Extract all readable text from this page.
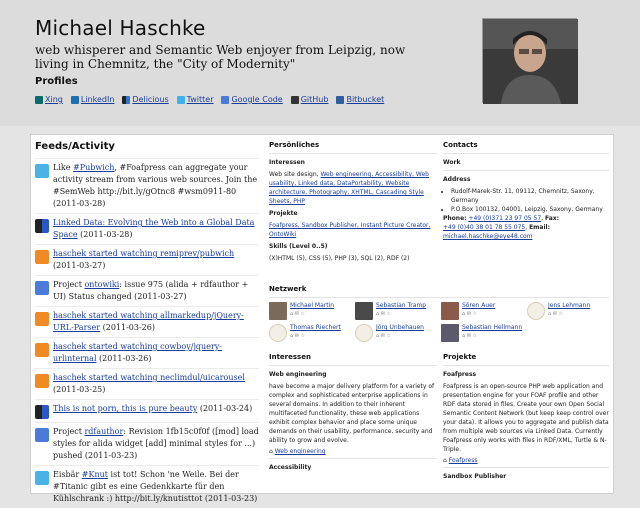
Michael Haschke
web whisperer and Semantic Web enjoyer from Leipzig, now living in Chemnitz, the "City of Modernity"
Profiles
Xing LinkedIn Delicious Twitter Google Code GitHub Bitbucket
Feeds/Activity
Like #Pubwich, #Foafpress can aggregate your activity stream from various web sources. Join the #SemWeb http://bit.ly/gOtnc8 #wsm0911-80 (2011-03-28)
Linked Data: Evolving the Web into a Global Data Space (2011-03-28)
haschek started watching remiprev/pubwich (2011-03-27)
Project ontowiki: issue 975 (alida + rdfauthor + UI) Status changed (2011-03-27)
haschek started watching allmarkedup/jQuery-URL-Parser (2011-03-26)
haschek started watching cowboy/jquery-urlinternal (2011-03-26)
haschek started watching neclimdul/uicarousel (2011-03-25)
This is not porn, this is pure beauty (2011-03-24)
Project rdfauthor: Revision 1fb15c0f0f ([mod] load styles for alida widget [add] minimal styles for ...) pushed (2011-03-23)
Eisbär #Knut ist tot! Schon 'ne Weile. Bei der #Titanic gibt es eine Gedenkkarte für den Kühlschrank :) http://bit.ly/knutisttot (2011-03-23)
Persönliches
Interessen
Web site design, Web engineering, Accessibility, Web usability, Linked data, DataPortability, Website architecture, Photography, XHTML, Cascading Style Sheets, PHP
Projekte
Foafpress, Sandbox Publisher, Instant Picture Creator, OntoWiki
Skills (Level 0..5)
(X)HTML (5), CSS (5), PHP (3), SQL (2), RDF (2)
Contacts
Work
Address
• Rudolf-Marek-Str. 11, 09112, Chemnitz, Saxony, Germany
• P.O.Box 100132, 04001, Leipzig, Saxony, Germany
Phone: +49 (0)371 23 97 05 57, Fax:
+49 (0)40 38 01 78 55 075, Email:
michael.haschke@eye48.com
Netzwerk
Michael Martin
⌂ ✉ ☆
Sebastian Tramp
⌂ ✉ ☆
Sören Auer
⌂ ✉ ☆
Jens Lehmann
⌂ ✉ ☆
Thomas Riechert
⌂ ✉ ☆
Jörg Unbehauen
⌂ ✉ ☆
Sebastian Hellmann
⌂ ✉ ☆
Interessen
Web engineering
have become a major delivery platform for a variety of complex and sophisticated enterprise applications in several domains. In addition to their inherent multifaceted functionality, these web applications exhibit complex behavior and place some unique demands on their usability, performance, security and ability to grow and evolve.
⌂ Web engineering
Accessibility
Projekte
Foafpress
Foafpress is an open-source PHP web application and presentation engine for your FOAF profile and other RDF data stored in files. Create your own Open Social Semantic Content Network (but keep keep control over your data). It allows you to aggregate and publish data from multiple web sources via Linked Data. Currently Foafpress only works with files in RDF/XML, Turtle & N-Triple.
⌂ Foafpress
Sandbox Publisher
